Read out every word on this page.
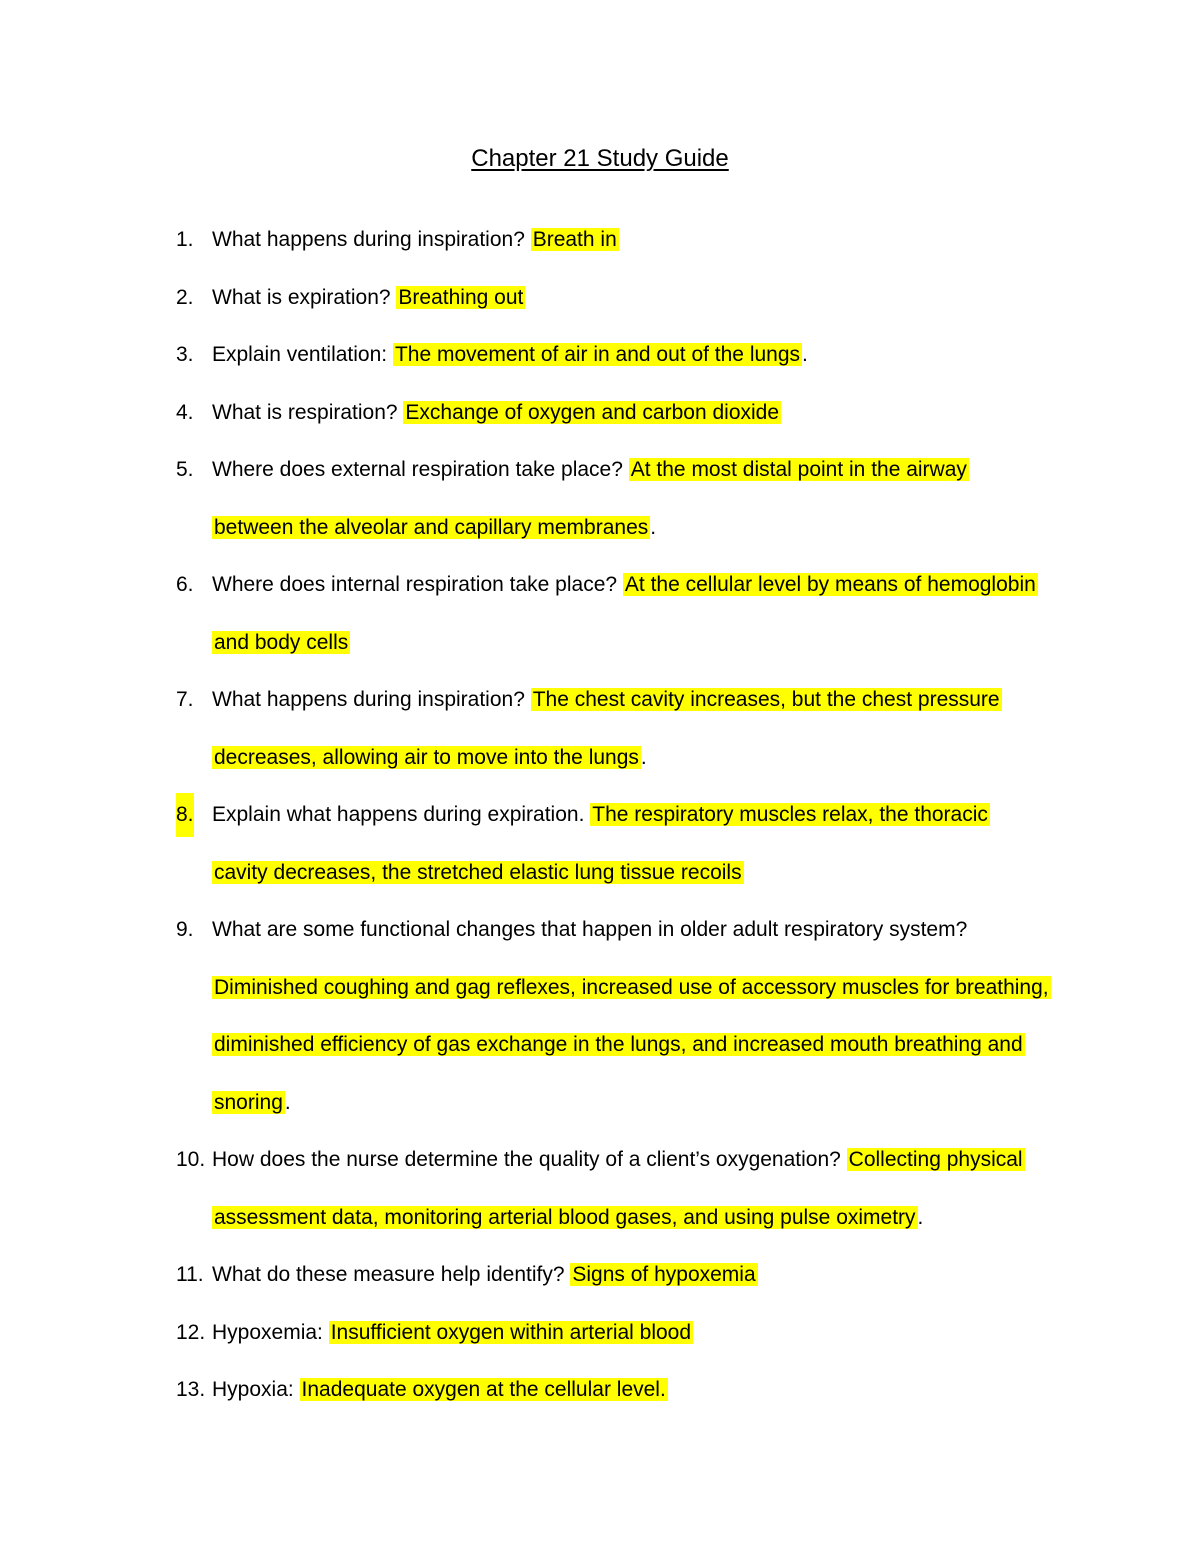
Chapter 21 Study Guide
1. What happens during inspiration? Breath in
2. What is expiration? Breathing out
3. Explain ventilation: The movement of air in and out of the lungs.
4. What is respiration? Exchange of oxygen and carbon dioxide
5. Where does external respiration take place? At the most distal point in the airway
between the alveolar and capillary membranes.
6. Where does internal respiration take place? At the cellular level by means of hemoglobin
and body cells
7. What happens during inspiration? The chest cavity increases, but the chest pressure
decreases, allowing air to move into the lungs.
8. Explain what happens during expiration. The respiratory muscles relax, the thoracic
cavity decreases, the stretched elastic lung tissue recoils
9. What are some functional changes that happen in older adult respiratory system?
Diminished coughing and gag reflexes, increased use of accessory muscles for breathing,
diminished efficiency of gas exchange in the lungs, and increased mouth breathing and
snoring.
10. How does the nurse determine the quality of a client’s oxygenation? Collecting physical
assessment data, monitoring arterial blood gases, and using pulse oximetry.
11. What do these measure help identify? Signs of hypoxemia
12. Hypoxemia: Insufficient oxygen within arterial blood
13. Hypoxia: Inadequate oxygen at the cellular level.
